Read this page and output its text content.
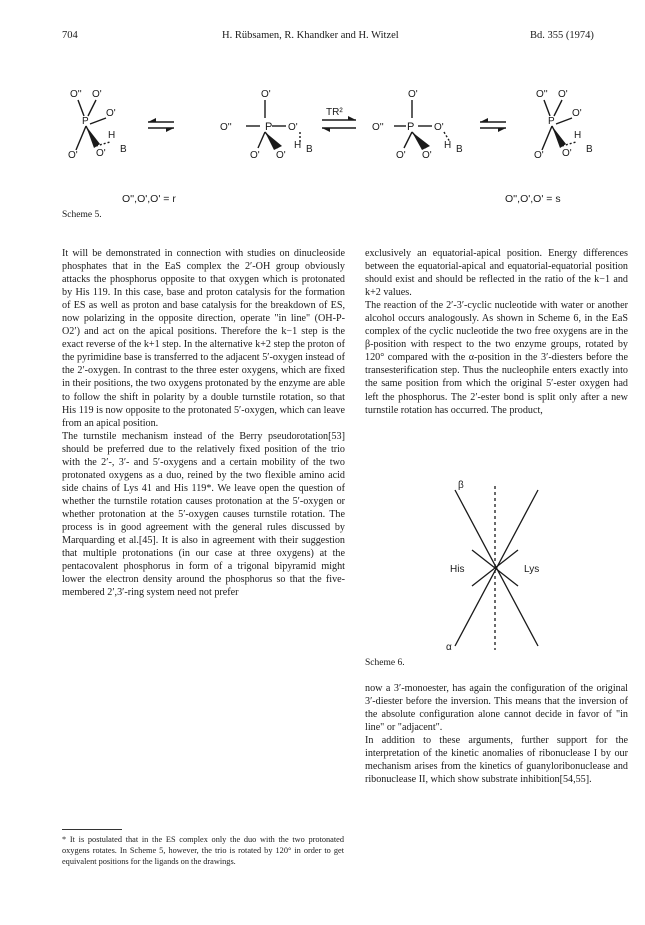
704	H. Rübsamen, R. Khandker and H. Witzel	Bd. 355 (1974)
O'' O'
P
O'
O' O'
H
B
O'
P
O''	O'
O' O'
H B
O'
P
O''	O'
O' O'
H B
O'' O'
P
O'
O' O'
H
B
TR²
O'',O',O' = r	O'',O',O' = s
Scheme 5.

It will be demonstrated in connection with studies on dinucleoside phosphates that in the EaS complex the 2′-OH group obviously attacks the phosphorus opposite to that oxygen which is protonated by His 119. In this case, base and proton catalysis for the formation of ES as well as proton and base catalysis for the breakdown of ES, now polarizing in the opposite direction, operate "in line" (OH-P-O2′) and act on the apical positions. Therefore the k−1 step is the exact reverse of the k+1 step. In the alternative k+2 step the proton of the pyrimidine base is transferred to the adjacent 5′-oxygen instead of the 2′-oxygen. In contrast to the three ester oxygens, which are fixed in their positions, the two oxygens protonated by the enzyme are able to follow the shift in polarity by a double turnstile rotation, so that His 119 is now opposite to the protonated 5′-oxygen, which can leave from an apical position.

The turnstile mechanism instead of the Berry pseudorotation[53] should be preferred due to the relatively fixed position of the trio with the 2′-, 3′- and 5′-oxygens and a certain mobility of the two protonated oxygens as a duo, reined by the two flexible amino acid side chains of Lys 41 and His 119*. We leave open the question of whether the turnstile rotation causes protonation at the 5′-oxygen or whether protonation at the 5′-oxygen causes turnstile rotation. The process is in good agreement with the general rules discussed by Marquarding et al.[45]. It is also in agreement with their suggestion that multiple protonations (in our case at three oxygens) at the pentacovalent phosphorus in form of a trigonal bipyramid might lower the electron density around the phosphorus so that the five-membered 2′,3′-ring system need not prefer

* It is postulated that in the ES complex only the duo with the two protonated oxygens rotates. In Scheme 5, however, the trio is rotated by 120° in order to get equivalent positions for the ligands on the drawings.

exclusively an equatorial-apical position. Energy differences between the equatorial-apical and equatorial-equatorial position should exist and should be reflected in the ratio of the k−1 and k+2 values.

The reaction of the 2′-3′-cyclic nucleotide with water or another alcohol occurs analogously. As shown in Scheme 6, in the EaS complex of the cyclic nucleotide the two free oxygens are in the β-position with respect to the two enzyme groups, rotated by 120° compared with the α-position in the 3′-diesters before the transesterification step. Thus the nucleophile enters exactly into the same position from which the original 5′-ester oxygen had left the phosphorus. The 2′-ester bond is split only after a new turnstile rotation has occurred. The product,

β
α
His	Lys
Scheme 6.

now a 3′-monoester, has again the configuration of the original 3′-diester before the inversion. This means that the inversion of the absolute configuration alone cannot decide in favor of "in line" or "adjacent".

In addition to these arguments, further support for the interpretation of the kinetic anomalies of ribonuclease I by our mechanism arises from the kinetics of guanyloribonuclease and ribonuclease II, which show substrate inhibition[54,55].
